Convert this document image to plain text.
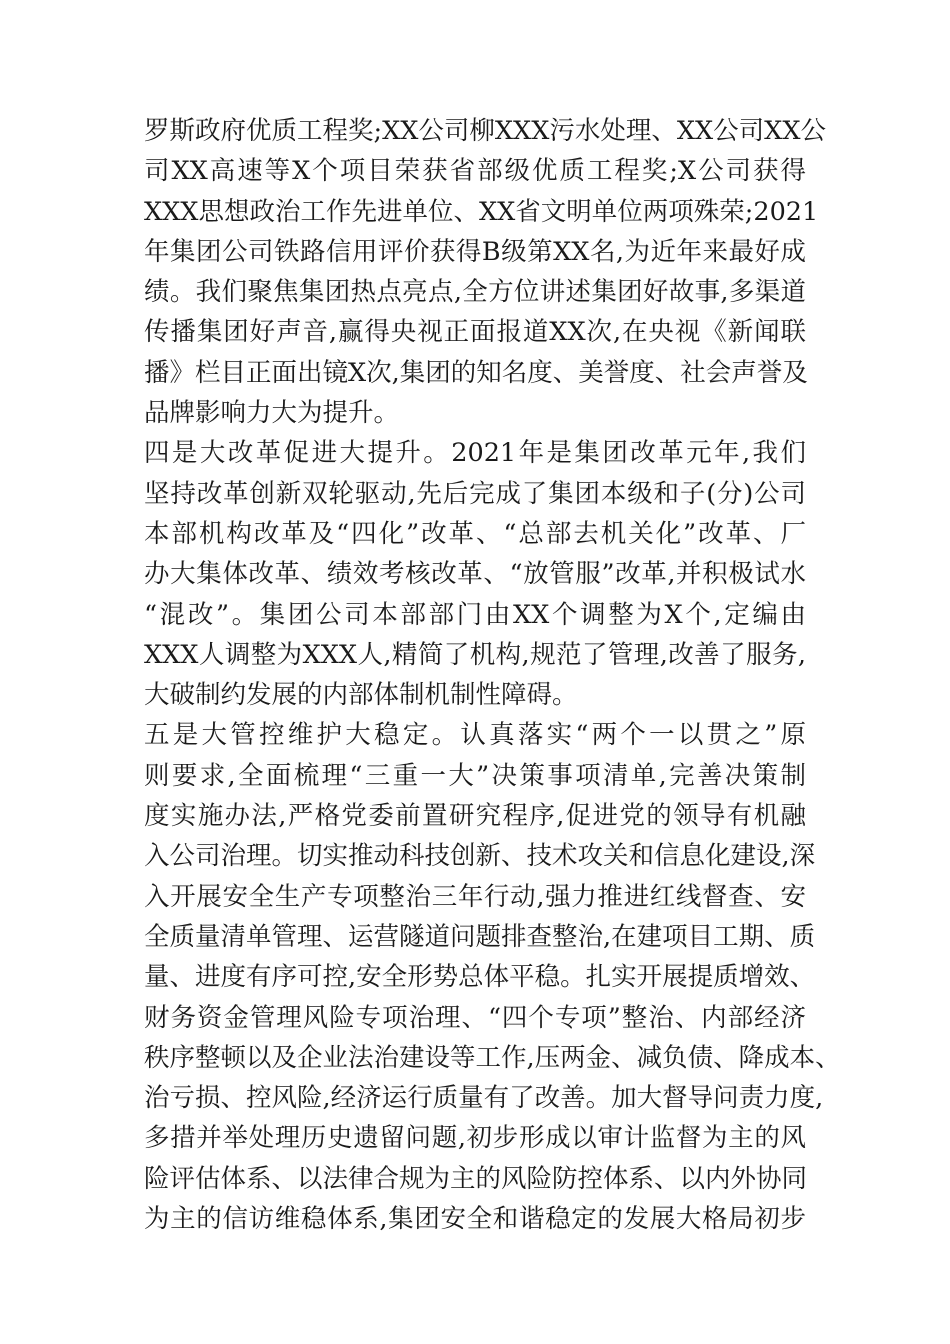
罗斯政府优质工程奖;XX公司柳XXX污水处理、XX公司XX公
司XX高速等X个项目荣获省部级优质工程奖;X公司获得
XXX思想政治工作先进单位、XX省文明单位两项殊荣;2021
年集团公司铁路信用评价获得B级第XX名,为近年来最好成
绩。我们聚焦集团热点亮点,全方位讲述集团好故事,多渠道
传播集团好声音,赢得央视正面报道XX次,在央视《新闻联
播》栏目正面出镜X次,集团的知名度、美誉度、社会声誉及
品牌影响力大为提升。
四是大改革促进大提升。2021年是集团改革元年,我们
坚持改革创新双轮驱动,先后完成了集团本级和子(分)公司
本部机构改革及“四化”改革、“总部去机关化”改革、厂
办大集体改革、绩效考核改革、“放管服”改革,并积极试水
“混改”。集团公司本部部门由XX个调整为X个,定编由
XXX人调整为XXX人,精简了机构,规范了管理,改善了服务,
大破制约发展的内部体制机制性障碍。
五是大管控维护大稳定。认真落实“两个一以贯之”原
则要求,全面梳理“三重一大”决策事项清单,完善决策制
度实施办法,严格党委前置研究程序,促进党的领导有机融
入公司治理。切实推动科技创新、技术攻关和信息化建设,深
入开展安全生产专项整治三年行动,强力推进红线督查、安
全质量清单管理、运营隧道问题排查整治,在建项目工期、质
量、进度有序可控,安全形势总体平稳。扎实开展提质增效、
财务资金管理风险专项治理、“四个专项”整治、内部经济
秩序整顿以及企业法治建设等工作,压两金、减负债、降成本、
治亏损、控风险,经济运行质量有了改善。加大督导问责力度,
多措并举处理历史遗留问题,初步形成以审计监督为主的风
险评估体系、以法律合规为主的风险防控体系、以内外协同
为主的信访维稳体系,集团安全和谐稳定的发展大格局初步
